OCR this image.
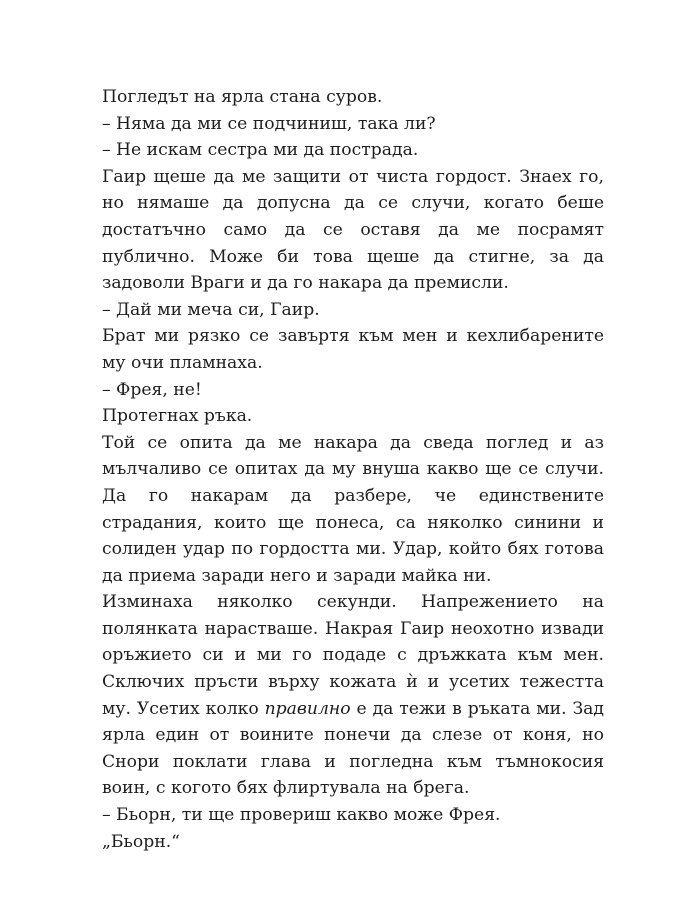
Погледът на ярла стана суров.

– Няма да ми се подчиниш, така ли?

– Не искам сестра ми да пострада.

Гаир щеше да ме защити от чиста гордост. Знаех го, но нямаше да допусна да се случи, когато беше достатъчно само да се оставя да ме посрамят публично. Може би това щеше да стигне, за да задоволи Враги и да го накара да премисли.

– Дай ми меча си, Гаир.

Брат ми рязко се завъртя към мен и кехлибарените му очи пламнаха.

– Фрея, не!

Протегнах ръка.

Той се опита да ме накара да сведа поглед и аз мълчаливо се опитах да му внуша какво ще се случи. Да го накарам да разбере, че единствените страдания, които ще понеса, са няколко синини и солиден удар по гордостта ми. Удар, който бях готова да приема заради него и заради майка ни.

Изминаха няколко секунди. Напрежението на полянката нарастваше. Накрая Гаир неохотно извади оръжието си и ми го подаде с дръжката към мен. Сключих пръсти върху кожата ѝ и усетих тежестта му. Усетих колко правилно е да тежи в ръката ми. Зад ярла един от воините понечи да слезе от коня, но Снори поклати глава и погледна към тъмнокосия воин, с когото бях флиртувала на брега.

– Бьорн, ти ще провериш какво може Фрея.

„Бьорн.“
